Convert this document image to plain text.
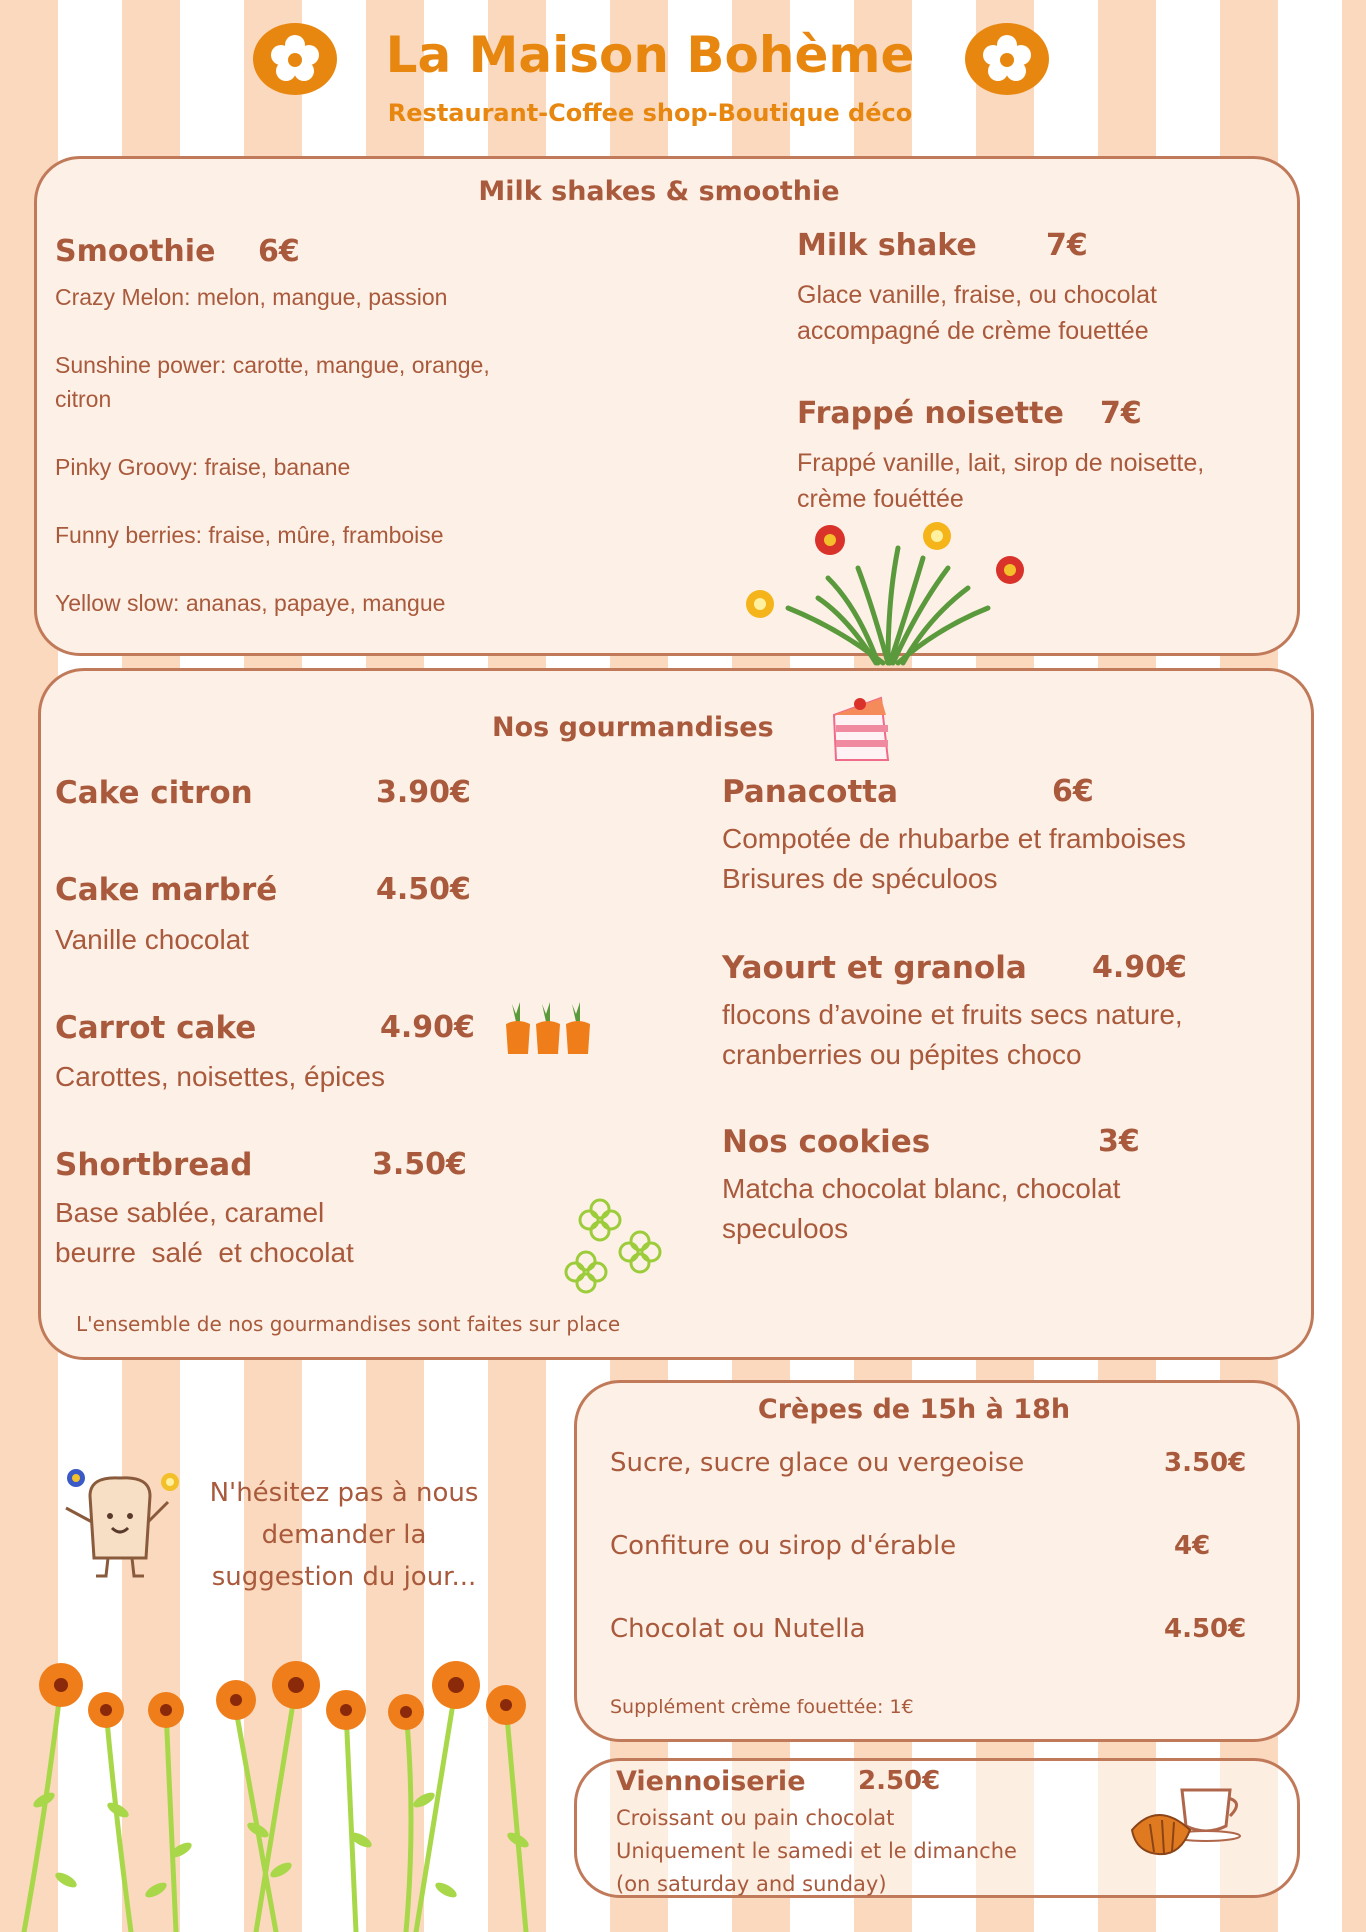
La Maison Bohème
Restaurant-Coffee shop-Boutique déco
Milk shakes & smoothie
Smoothie 6€
Crazy Melon: melon, mangue, passion
Sunshine power: carotte, mangue, orange,
citron
Pinky Groovy: fraise, banane
Funny berries: fraise, mûre, framboise
Yellow slow: ananas, papaye, mangue
Milk shake 7€
Glace vanille, fraise, ou chocolat
accompagné de crème fouettée
Frappé noisette 7€
Frappé vanille, lait, sirop de noisette,
crème fouéttée
Nos gourmandises
Cake citron	3.90€
Cake marbré	4.50€
Vanille chocolat
Carrot cake	4.90€
Carottes, noisettes, épices
Shortbread	3.50€
Base sablée, caramel
beurre  salé  et chocolat
Panacotta	6€
Compotée de rhubarbe et framboises
Brisures de spéculoos
Yaourt et granola 4.90€
flocons d’avoine et fruits secs nature,
cranberries ou pépites choco
Nos cookies	3€
Matcha chocolat blanc, chocolat
speculoos
L'ensemble de nos gourmandises sont faites sur place
Crèpes de 15h à 18h
Sucre, sucre glace ou vergeoise	3.50€
Confiture ou sirop d'érable	4€
Chocolat ou Nutella	4.50€
Supplément crème fouettée: 1€
Viennoiserie 2.50€
Croissant ou pain chocolat
Uniquement le samedi et le dimanche
(on saturday and sunday)
N'hésitez pas à nous
demander la
suggestion du jour...
